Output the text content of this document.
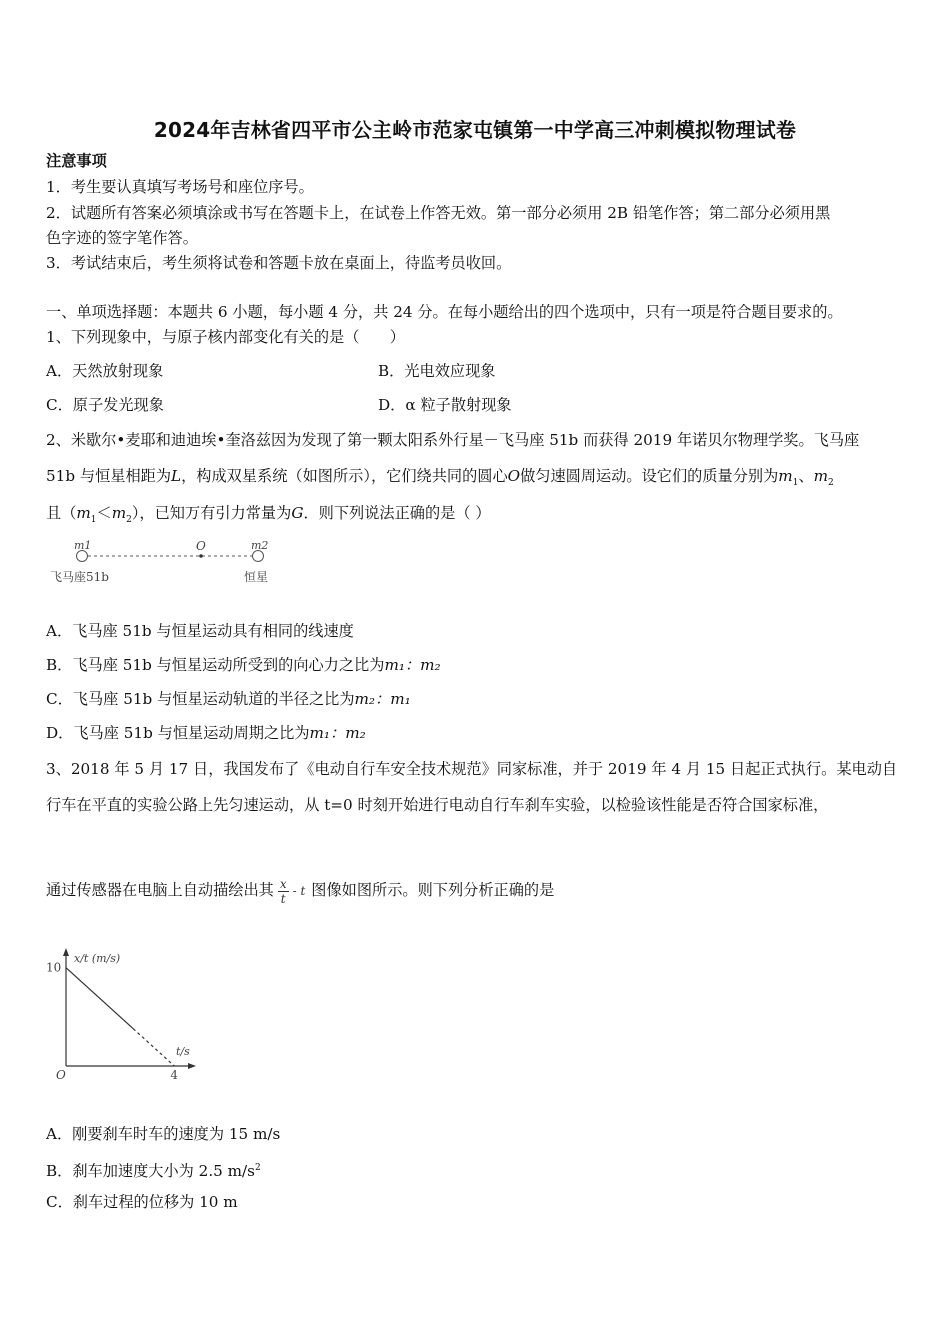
2024年吉林省四平市公主岭市范家屯镇第一中学高三冲刺模拟物理试卷
注意事项
1．考生要认真填写考场号和座位序号。
2．试题所有答案必须填涂或书写在答题卡上，在试卷上作答无效。第一部分必须用 2B 铅笔作答；第二部分必须用黑
色字迹的签字笔作答。
3．考试结束后，考生须将试卷和答题卡放在桌面上，待监考员收回。
一、单项选择题：本题共 6 小题，每小题 4 分，共 24 分。在每小题给出的四个选项中，只有一项是符合题目要求的。
1、下列现象中，与原子核内部变化有关的是（　　）
A．天然放射现象	B．光电效应现象
C．原子发光现象	D．α 粒子散射现象
2、米歇尔•麦耶和迪迪埃•奎洛兹因为发现了第一颗太阳系外行星－飞马座 51b 而获得 2019 年诺贝尔物理学奖。飞马座
51b 与恒星相距为L，构成双星系统（如图所示），它们绕共同的圆心O做匀速圆周运动。设它们的质量分别为$m_1$、$m_2$
且$(m_1<m_2)$，已知万有引力常量为G．则下列说法正确的是（ ）
m1	O	m2
飞马座51b	恒星
A．飞马座 51b 与恒星运动具有相同的线速度
B．飞马座 51b 与恒星运动所受到的向心力之比为m₁：m₂
C．飞马座 51b 与恒星运动轨道的半径之比为m₂：m₁
D．飞马座 51b 与恒星运动周期之比为m₁：m₂
3、2018 年 5 月 17 日，我国发布了《电动自行车安全技术规范》同家标准，并于 2019 年 4 月 15 日起正式执行。某电动自
行车在平直的实验公路上先匀速运动，从 t=0 时刻开始进行电动自行车刹车实验，以检验该性能是否符合国家标准，
通过传感器在电脑上自动描绘出其 $\frac{x}{t}$ - t 图像如图所示。则下列分析正确的是
x/t (m/s)
t/s
O
10
4
A．刚要刹车时车的速度为 15 m/s
B．刹车加速度大小为 2.5 $m/s^2$
C．刹车过程的位移为 10 m
